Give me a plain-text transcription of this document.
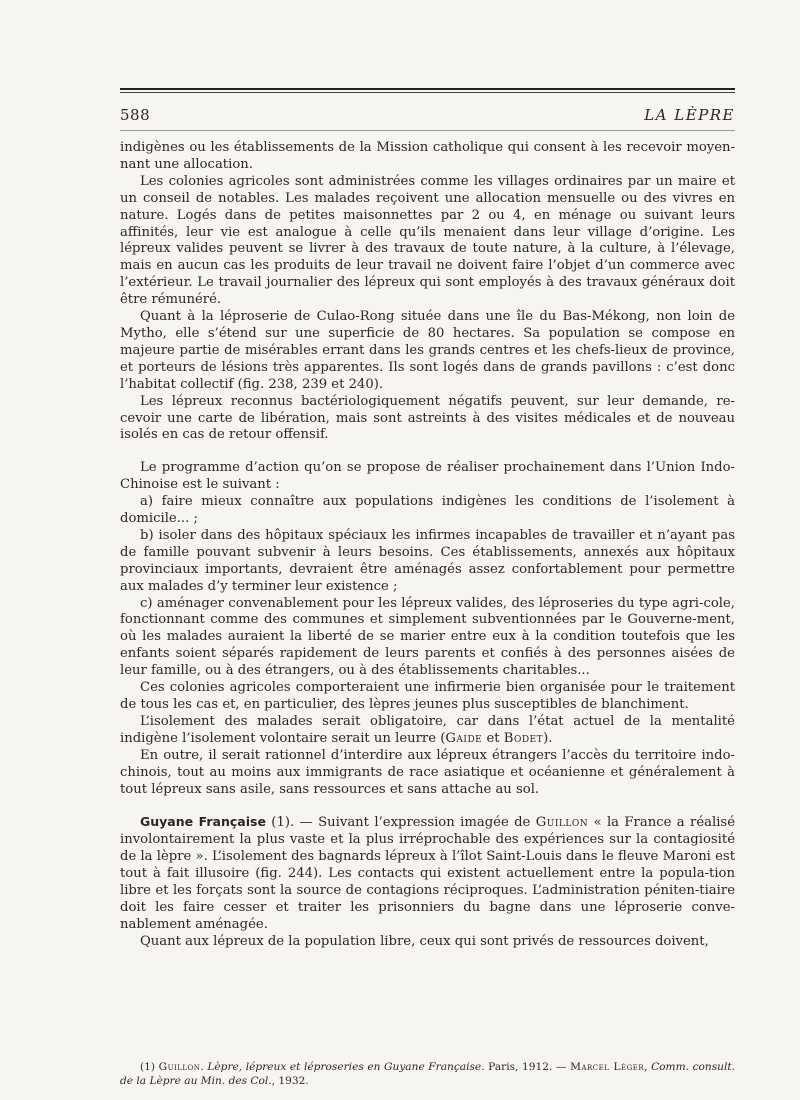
588	LA LÈPRE

indigènes ou les établissements de la Mission catholique qui consent à les recevoir moyen-nant une allocation.

Les colonies agricoles sont administrées comme les villages ordinaires par un maire et un conseil de notables. Les malades reçoivent une allocation mensuelle ou des vivres en nature. Logés dans de petites maisonnettes par 2 ou 4, en ménage ou suivant leurs affinités, leur vie est analogue à celle qu’ils menaient dans leur village d’origine. Les lépreux valides peuvent se livrer à des travaux de toute nature, à la culture, à l’élevage, mais en aucun cas les produits de leur travail ne doivent faire l’objet d’un commerce avec l’extérieur. Le travail journalier des lépreux qui sont employés à des travaux généraux doit être rémunéré.

Quant à la léproserie de Culao-Rong située dans une île du Bas-Mékong, non loin de Mytho, elle s’étend sur une superficie de 80 hectares. Sa population se compose en majeure partie de misérables errant dans les grands centres et les chefs-lieux de province, et porteurs de lésions très apparentes. Ils sont logés dans de grands pavillons : c’est donc l’habitat collectif (fig. 238, 239 et 240).

Les lépreux reconnus bactériologiquement négatifs peuvent, sur leur demande, re-cevoir une carte de libération, mais sont astreints à des visites médicales et de nouveau isolés en cas de retour offensif.

Le programme d’action qu’on se propose de réaliser prochainement dans l’Union Indo-Chinoise est le suivant :

a) faire mieux connaître aux populations indigènes les conditions de l’isolement à domicile... ;

b) isoler dans des hôpitaux spéciaux les infirmes incapables de travailler et n’ayant pas de famille pouvant subvenir à leurs besoins. Ces établissements, annexés aux hôpitaux provinciaux importants, devraient être aménagés assez confortablement pour permettre aux malades d’y terminer leur existence ;

c) aménager convenablement pour les lépreux valides, des léproseries du type agri-cole, fonctionnant comme des communes et simplement subventionnées par le Gouverne-ment, où les malades auraient la liberté de se marier entre eux à la condition toutefois que les enfants soient séparés rapidement de leurs parents et confiés à des personnes aisées de leur famille, ou à des étrangers, ou à des établissements charitables...

Ces colonies agricoles comporteraient une infirmerie bien organisée pour le traitement de tous les cas et, en particulier, des lèpres jeunes plus susceptibles de blanchiment.

L’isolement des malades serait obligatoire, car dans l’état actuel de la mentalité indigène l’isolement volontaire serait un leurre (Gaide et Bodet).

En outre, il serait rationnel d’interdire aux lépreux étrangers l’accès du territoire indo-chinois, tout au moins aux immigrants de race asiatique et océanienne et généralement à tout lépreux sans asile, sans ressources et sans attache au sol.

Guyane Française (1). — Suivant l’expression imagée de Guillon « la France a réalisé involontairement la plus vaste et la plus irréprochable des expériences sur la contagiosité de la lèpre ». L’isolement des bagnards lépreux à l’îlot Saint-Louis dans le fleuve Maroni est tout à fait illusoire (fig. 244). Les contacts qui existent actuellement entre la popula-tion libre et les forçats sont la source de contagions réciproques. L’administration péniten-tiaire doit les faire cesser et traiter les prisonniers du bagne dans une léproserie conve-nablement aménagée.

Quant aux lépreux de la population libre, ceux qui sont privés de ressources doivent,

(1) Guillon. Lèpre, lépreux et léproseries en Guyane Française. Paris, 1912. — Marcel Léger, Comm. consult. de la Lèpre au Min. des Col., 1932.
